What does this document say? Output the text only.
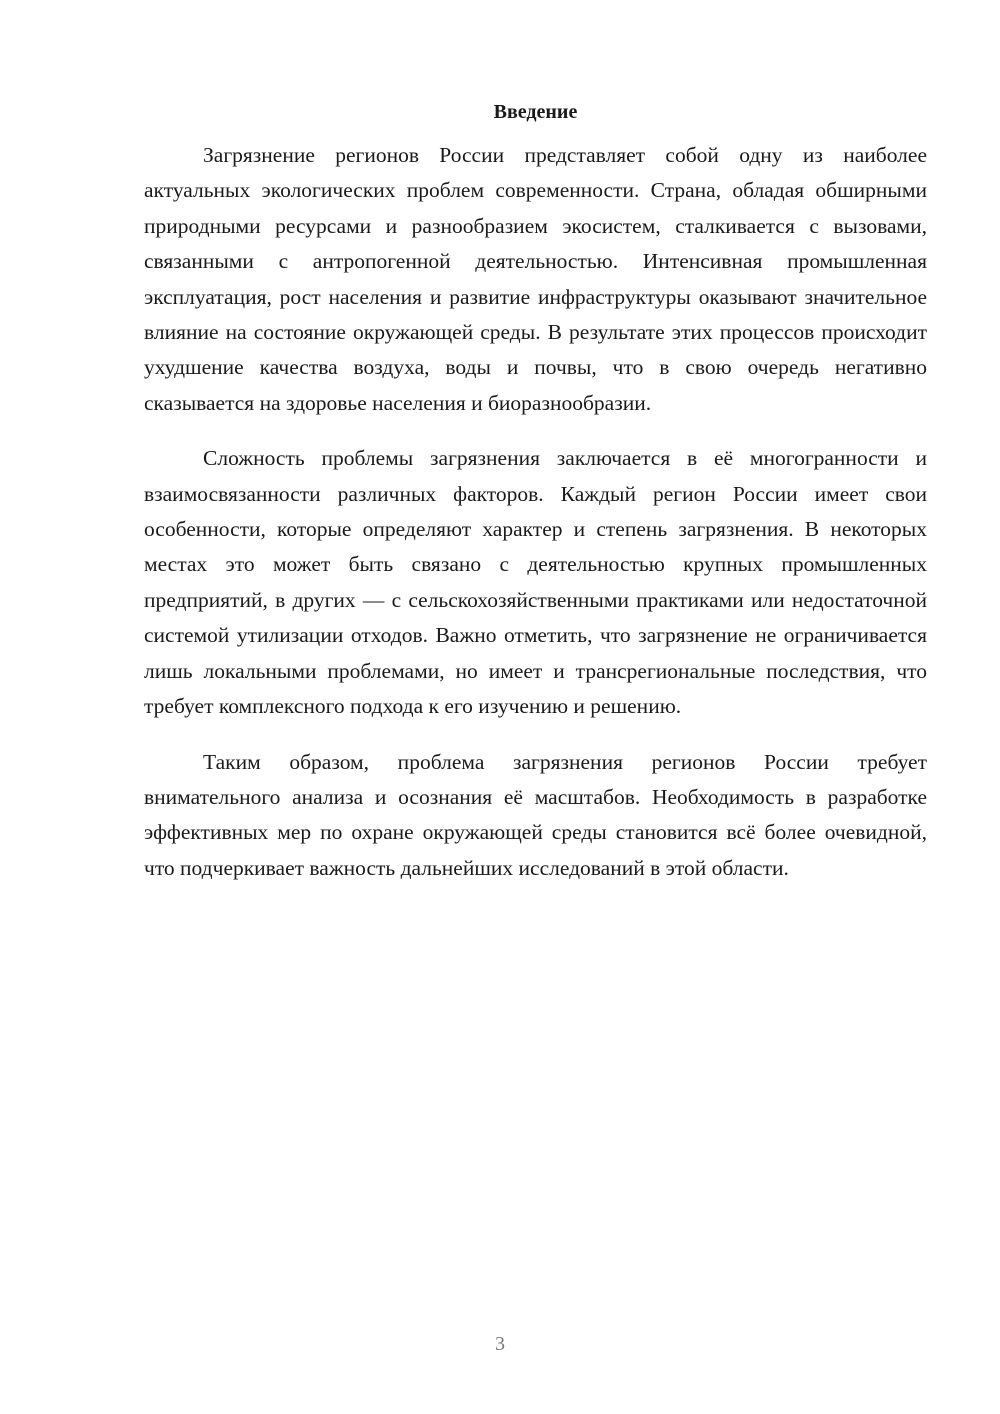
Введение

Загрязнение регионов России представляет собой одну из наиболее актуальных экологических проблем современности. Страна, обладая обширными природными ресурсами и разнообразием экосистем, сталкивается с вызовами, связанными с антропогенной деятельностью. Интенсивная промышленная эксплуатация, рост населения и развитие инфраструктуры оказывают значительное влияние на состояние окружающей среды. В результате этих процессов происходит ухудшение качества воздуха, воды и почвы, что в свою очередь негативно сказывается на здоровье населения и биоразнообразии.

Сложность проблемы загрязнения заключается в её многогранности и взаимосвязанности различных факторов. Каждый регион России имеет свои особенности, которые определяют характер и степень загрязнения. В некоторых местах это может быть связано с деятельностью крупных промышленных предприятий, в других — с сельскохозяйственными практиками или недостаточной системой утилизации отходов. Важно отметить, что загрязнение не ограничивается лишь локальными проблемами, но имеет и трансрегиональные последствия, что требует комплексного подхода к его изучению и решению.

Таким образом, проблема загрязнения регионов России требует внимательного анализа и осознания её масштабов. Необходимость в разработке эффективных мер по охране окружающей среды становится всё более очевидной, что подчеркивает важность дальнейших исследований в этой области.

3
